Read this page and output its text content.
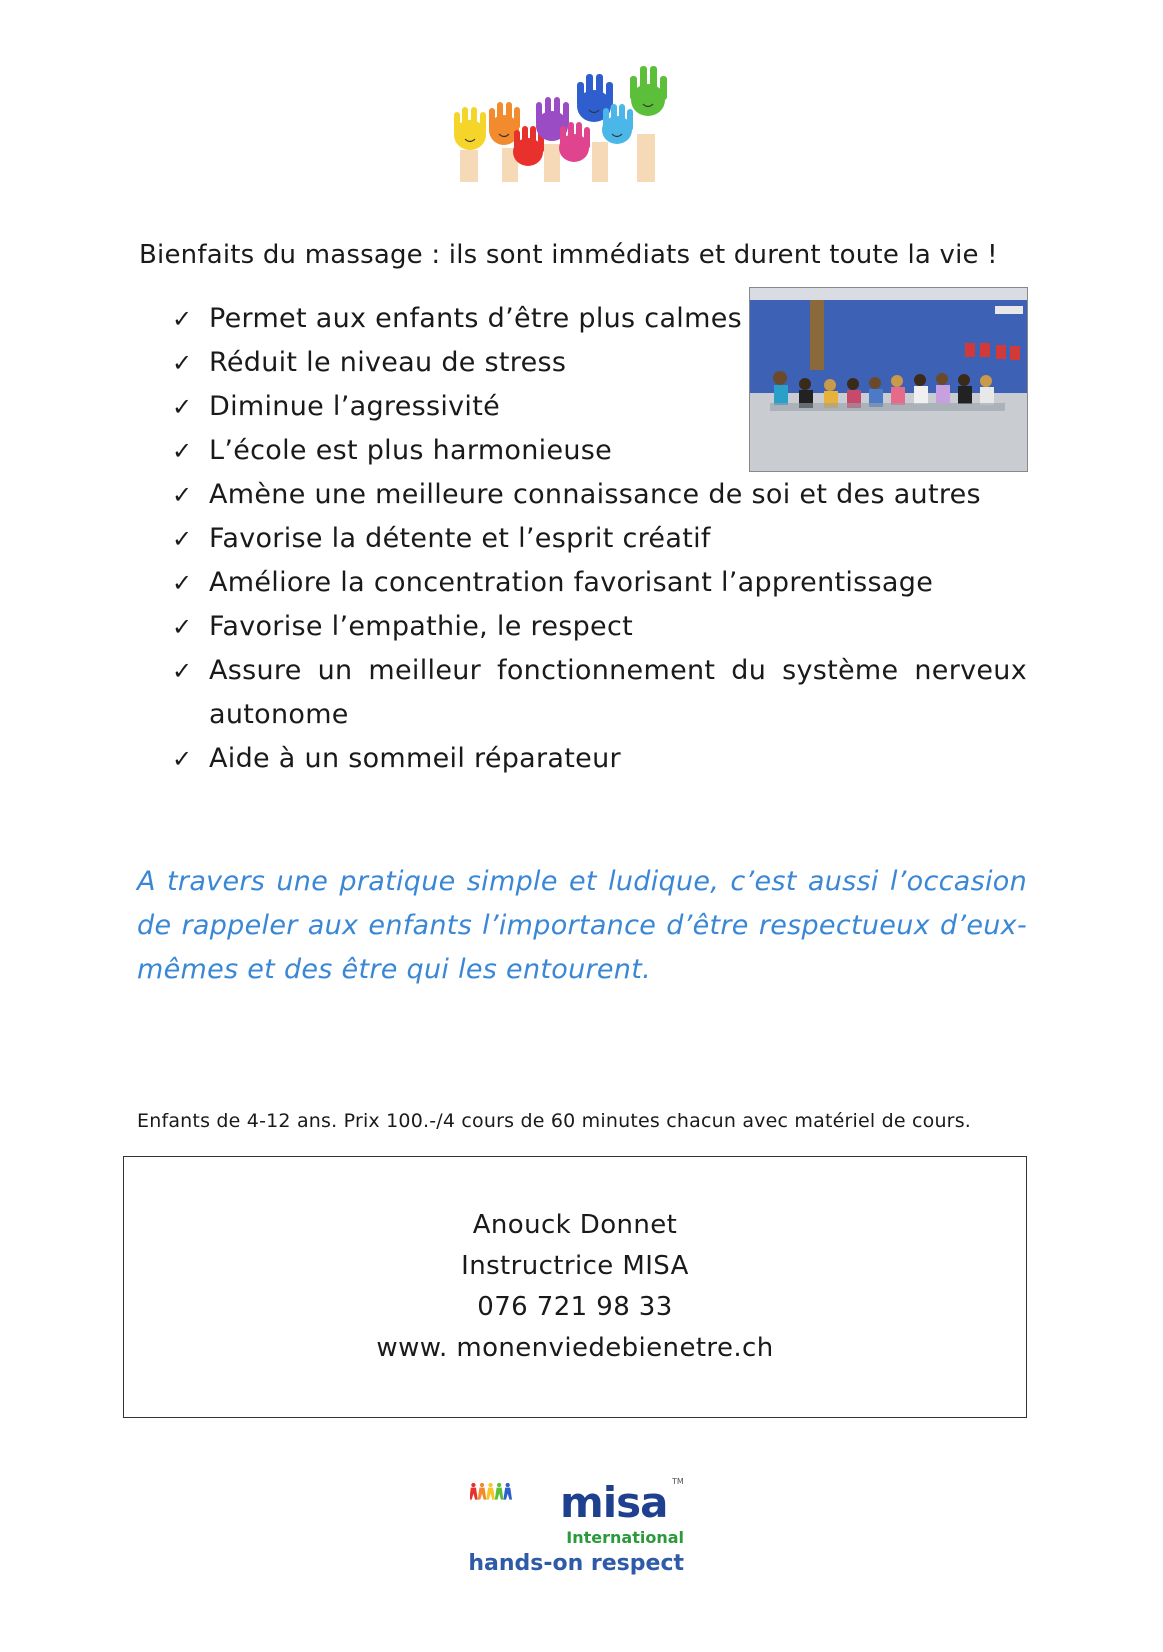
Bienfaits du massage : ils sont immédiats et durent toute la vie !
✓ Permet aux enfants d’être plus calmes
✓ Réduit le niveau de stress
✓ Diminue l’agressivité
✓ L’école est plus harmonieuse
✓ Amène une meilleure connaissance de soi et des autres
✓ Favorise la détente et l’esprit créatif
✓ Améliore la concentration favorisant l’apprentissage
✓ Favorise l’empathie, le respect
✓ Assure un meilleur fonctionnement du système nerveux autonome
✓ Aide à un sommeil réparateur
A travers une pratique simple et ludique, c’est aussi l’occasion de rappeler aux enfants l’importance d’être respectueux d’eux-mêmes et des être qui les entourent.
Enfants de 4-12 ans. Prix 100.-/4 cours de 60 minutes chacun avec matériel de cours.
Anouck Donnet
Instructrice MISA
076 721 98 33
www. monenviedebienetre.ch
misa TM
International
hands-on respect
